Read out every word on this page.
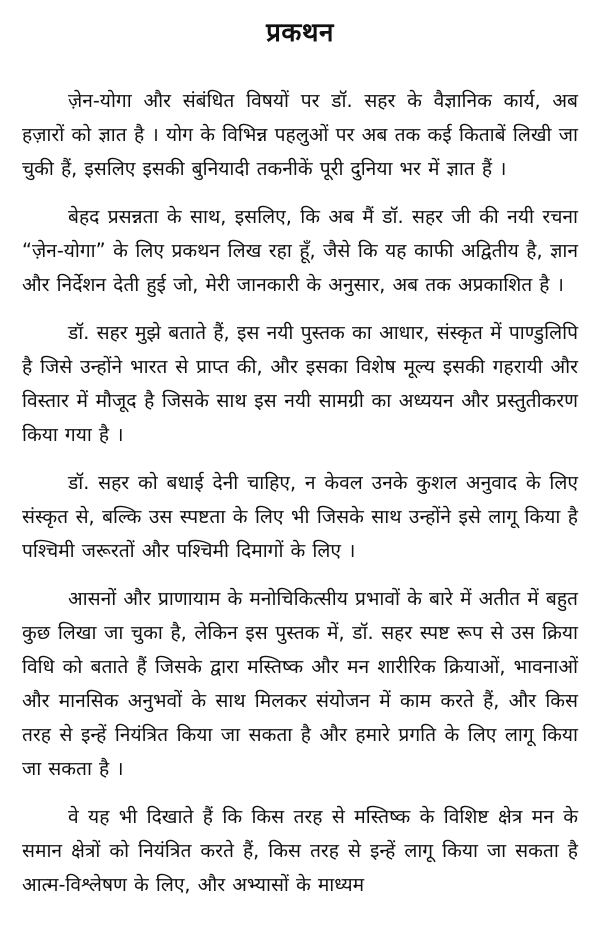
प्रकथन

ज़ेन-योगा और संबंधित विषयों पर डॉ. सहर के वैज्ञानिक कार्य, अब हज़ारों को ज्ञात है । योग के विभिन्न पहलुओं पर अब तक कई किताबें लिखी जा चुकी हैं, इसलिए इसकी बुनियादी तकनीकें पूरी दुनिया भर में ज्ञात हैं ।

बेहद प्रसन्नता के साथ, इसलिए, कि अब मैं डॉ. सहर जी की नयी रचना “ज़ेन-योगा” के लिए प्रकथन लिख रहा हूँ, जैसे कि यह काफी अद्वितीय है, ज्ञान और निर्देशन देती हुई जो, मेरी जानकारी के अनुसार, अब तक अप्रकाशित है ।

डॉ. सहर मुझे बताते हैं, इस नयी पुस्तक का आधार, संस्कृत में पाण्डुलिपि है जिसे उन्होंने भारत से प्राप्त की, और इसका विशेष मूल्य इसकी गहरायी और विस्तार में मौजूद है जिसके साथ इस नयी सामग्री का अध्ययन और प्रस्तुतीकरण किया गया है ।

डॉ. सहर को बधाई देनी चाहिए, न केवल उनके कुशल अनुवाद के लिए संस्कृत से, बल्कि उस स्पष्टता के लिए भी जिसके साथ उन्होंने इसे लागू किया है पश्चिमी जरूरतों और पश्चिमी दिमागों के लिए ।

आसनों और प्राणायाम के मनोचिकित्सीय प्रभावों के बारे में अतीत में बहुत कुछ लिखा जा चुका है, लेकिन इस पुस्तक में, डॉ. सहर स्पष्ट रूप से उस क्रिया विधि को बताते हैं जिसके द्वारा मस्तिष्क और मन शारीरिक क्रियाओं, भावनाओं और मानसिक अनुभवों के साथ मिलकर संयोजन में काम करते हैं, और किस तरह से इन्हें नियंत्रित किया जा सकता है और हमारे प्रगति के लिए लागू किया जा सकता है ।

वे यह भी दिखाते हैं कि किस तरह से मस्तिष्क के विशिष्ट क्षेत्र मन के समान क्षेत्रों को नियंत्रित करते हैं, किस तरह से इन्हें लागू किया जा सकता है आत्म-विश्लेषण के लिए, और अभ्यासों के माध्यम
